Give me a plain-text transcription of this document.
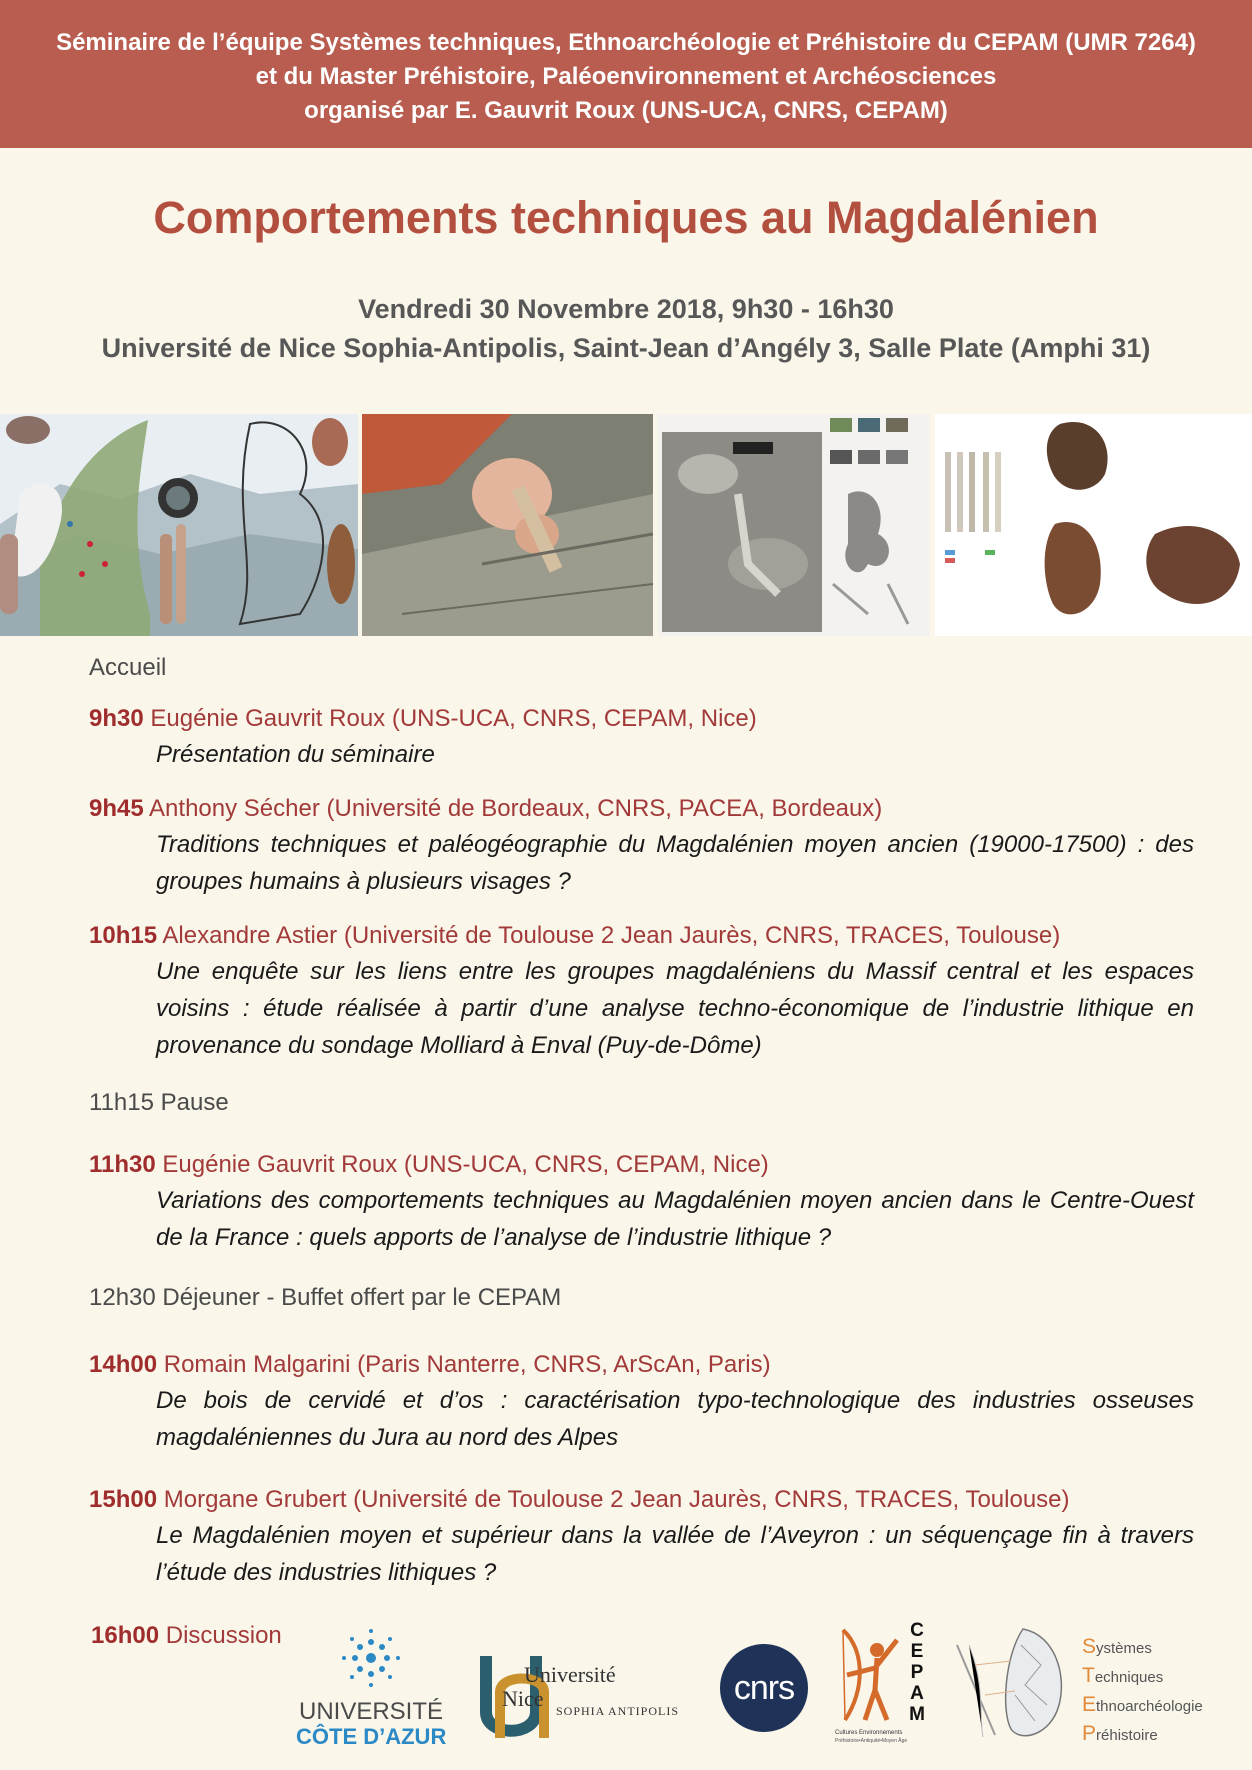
Séminaire de l’équipe Systèmes techniques, Ethnoarchéologie et Préhistoire du CEPAM (UMR 7264)
et du Master Préhistoire, Paléoenvironnement et Archéosciences
organisé par E. Gauvrit Roux (UNS-UCA, CNRS, CEPAM)
Comportements techniques au Magdalénien
Vendredi 30 Novembre 2018, 9h30 - 16h30
Université de Nice Sophia-Antipolis, Saint-Jean d’Angély 3, Salle Plate (Amphi 31)
Accueil
9h30 Eugénie Gauvrit Roux (UNS-UCA, CNRS, CEPAM, Nice)
Présentation du séminaire
9h45 Anthony Sécher (Université de Bordeaux, CNRS, PACEA, Bordeaux)
Traditions techniques et paléogéographie du Magdalénien moyen ancien (19000-17500) : des groupes humains à plusieurs visages ?
10h15 Alexandre Astier (Université de Toulouse 2 Jean Jaurès, CNRS, TRACES, Toulouse)
Une enquête sur les liens entre les groupes magdaléniens du Massif central et les espaces voisins : étude réalisée à partir d’une analyse techno-économique de l’industrie lithique en provenance du sondage Molliard à Enval (Puy-de-Dôme)
11h15 Pause
11h30 Eugénie Gauvrit Roux (UNS-UCA, CNRS, CEPAM, Nice)
Variations des comportements techniques au Magdalénien moyen ancien dans le Centre-Ouest de la France : quels apports de l’analyse de l’industrie lithique ?
12h30 Déjeuner - Buffet offert par le CEPAM
14h00 Romain Malgarini (Paris Nanterre, CNRS, ArScAn, Paris)
De bois de cervidé et d’os : caractérisation typo-technologique des industries osseuses magdaléniennes du Jura au nord des Alpes
15h00 Morgane Grubert (Université de Toulouse 2 Jean Jaurès, CNRS, TRACES, Toulouse)
Le Magdalénien moyen et supérieur dans la vallée de l’Aveyron : un séquençage fin à travers l’étude des industries lithiques ?
16h00 Discussion
UNIVERSITÉ
CÔTE D’AZUR
Université
Nice SOPHIA ANTIPOLIS
cnrs
C
E
P
A
M
Cultures Environnements
Préhistoire•Antiquité•Moyen Âge
Systèmes
Techniques
Ethnoarchéologie
Préhistoire
